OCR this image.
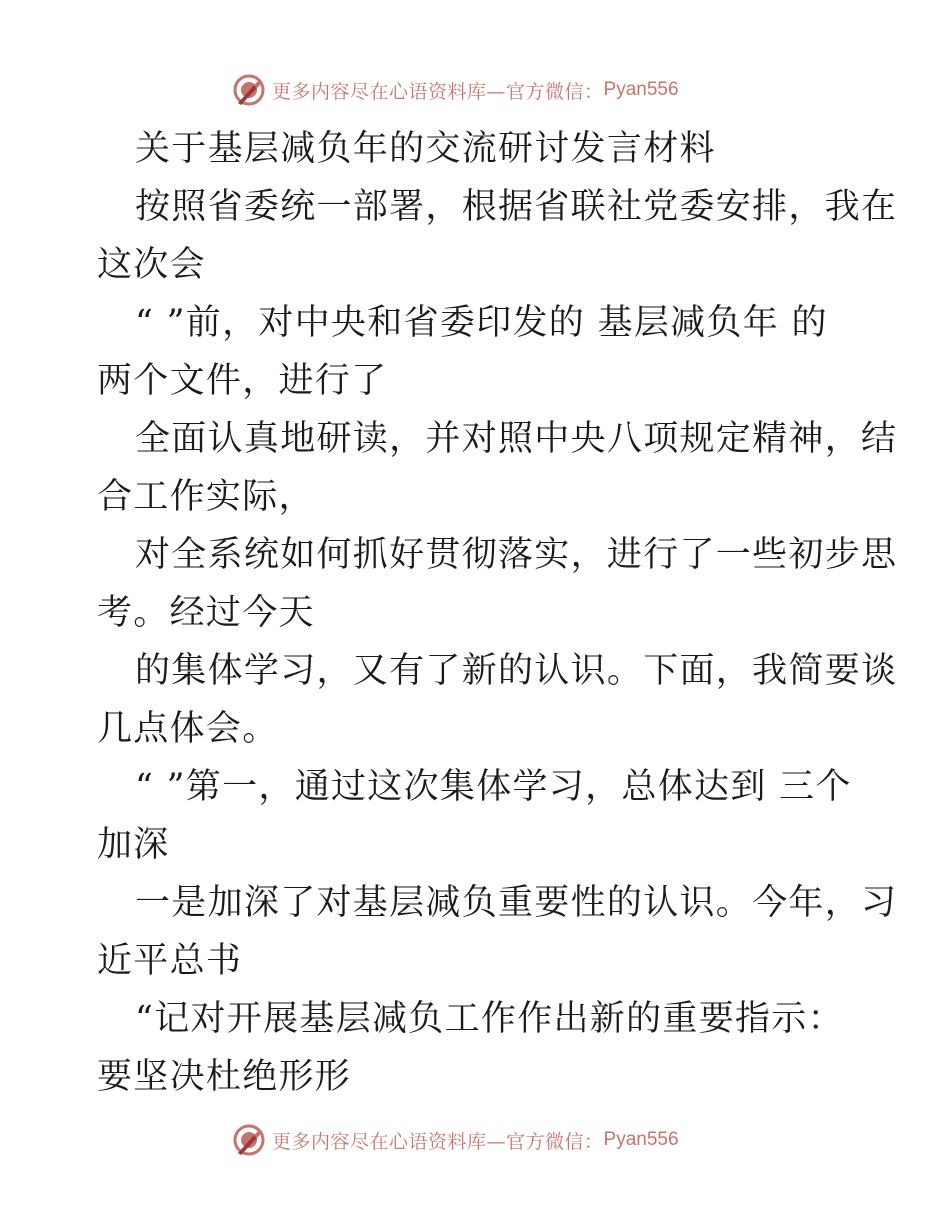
更多内容尽在心语资料库—官方微信： Pyan556
关于基层减负年的交流研讨发言材料
按照省委统一部署，根据省联社党委安排，我在
这次会
“ ”前，对中央和省委印发的 基层减负年 的
两个文件，进行了
全面认真地研读，并对照中央八项规定精神，结
合工作实际，
对全系统如何抓好贯彻落实，进行了一些初步思
考。经过今天
的集体学习，又有了新的认识。下面，我简要谈
几点体会。
“ ”第一，通过这次集体学习，总体达到 三个
加深
一是加深了对基层减负重要性的认识。今年，习
近平总书
“记对开展基层减负工作作出新的重要指示：
要坚决杜绝形形
更多内容尽在心语资料库—官方微信： Pyan556
